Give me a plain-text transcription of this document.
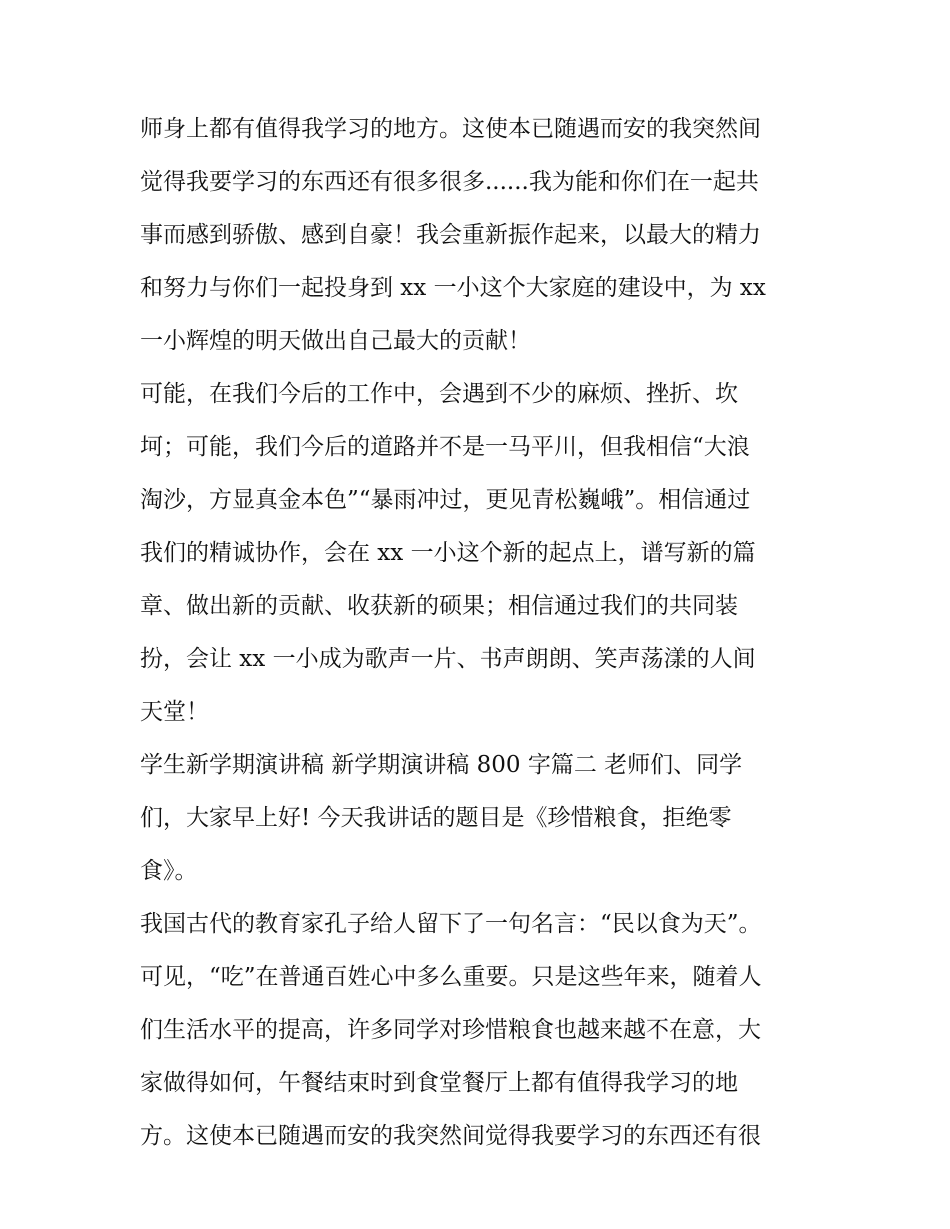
师身上都有值得我学习的地方。这使本已随遇而安的我突然间
觉得我要学习的东西还有很多很多......我为能和你们在一起共
事而感到骄傲、感到自豪！我会重新振作起来，以最大的精力
和努力与你们一起投身到 xx 一小这个大家庭的建设中，为 xx
一小辉煌的明天做出自己最大的贡献！
可能，在我们今后的工作中，会遇到不少的麻烦、挫折、坎
坷；可能，我们今后的道路并不是一马平川，但我相信“大浪
淘沙，方显真金本色”“暴雨冲过，更见青松巍峨”。相信通过
我们的精诚协作，会在 xx 一小这个新的起点上，谱写新的篇
章、做出新的贡献、收获新的硕果；相信通过我们的共同装
扮，会让 xx 一小成为歌声一片、书声朗朗、笑声荡漾的人间
天堂！
学生新学期演讲稿 新学期演讲稿 800 字篇二 老师们、同学
们，大家早上好! 今天我讲话的题目是《珍惜粮食，拒绝零
食》。
我国古代的教育家孔子给人留下了一句名言：“民以食为天”。
可见，“吃”在普通百姓心中多么重要。只是这些年来，随着人
们生活水平的提高，许多同学对珍惜粮食也越来越不在意，大
家做得如何，午餐结束时到食堂餐厅上都有值得我学习的地
方。这使本已随遇而安的我突然间觉得我要学习的东西还有很
